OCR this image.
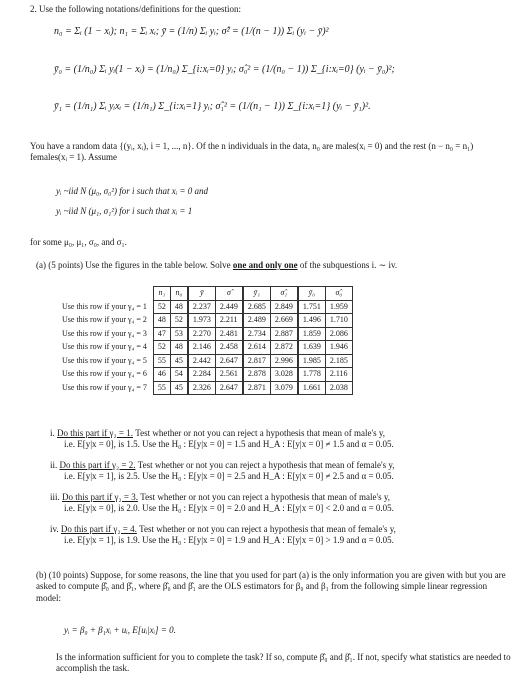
2. Use the following notations/definitions for the question:
n₀ = Σᵢ (1 − xᵢ); n₁ = Σᵢ xᵢ; ȳ = (1/n) Σᵢ yᵢ; σ̂² = (1/(n − 1)) Σᵢ (yᵢ − ȳ)²
ȳ₀ = (1/n₀) Σᵢ yᵢ(1 − xᵢ) = (1/n₀) Σ_{i:xᵢ=0} yᵢ; σ̂₀² = (1/(n₀ − 1)) Σ_{i:xᵢ=0} (yᵢ − ȳ₀)²;
ȳ₁ = (1/n₁) Σᵢ yᵢxᵢ = (1/n₁) Σ_{i:xᵢ=1} yᵢ; σ̂₁² = (1/(n₁ − 1)) Σ_{i:xᵢ=1} (yᵢ − ȳ₁)².
You have a random data {(yᵢ, xᵢ), i = 1, ..., n}. Of the n individuals in the data, n₀ are males(xᵢ = 0) and the rest (n − n₀ = n₁) females(xᵢ = 1). Assume
yᵢ ~iid N (μ₀, σ₀²) for i such that xᵢ = 0 and
yᵢ ~iid N (μ₁, σ₁²) for i such that xᵢ = 1
for some μ₀, μ₁, σ₀, and σ₁.
(a) (5 points) Use the figures in the table below. Solve one and only one of the subquestions i. ∼ iv.
	n₁	n₀	ȳ	σ̂	ȳ₁	σ̂₁	ȳ₀	σ̂₀
Use this row if your γ₄ = 1	52	48	2.237	2.449	2.685	2.849	1.751	1.959
Use this row if your γ₄ = 2	48	52	1.973	2.211	2.489	2.669	1.496	1.710
Use this row if your γ₄ = 3	47	53	2.270	2.481	2.734	2.887	1.859	2.086
Use this row if your γ₄ = 4	52	48	2.146	2.458	2.614	2.872	1.639	1.946
Use this row if your γ₄ = 5	55	45	2.442	2.647	2.817	2.996	1.985	2.185
Use this row if your γ₄ = 6	46	54	2.284	2.561	2.878	3.028	1.778	2.116
Use this row if your γ₄ = 7	55	45	2.326	2.647	2.871	3.079	1.661	2.038
i. Do this part if γ₂ = 1. Test whether or not you can reject a hypothesis that mean of male's y,
i.e. E[y|x = 0], is 1.5. Use the H₀ : E[y|x = 0] = 1.5 and H_A : E[y|x = 0] ≠ 1.5 and α = 0.05.
ii. Do this part if γ₂ = 2. Test whether or not you can reject a hypothesis that mean of female's y,
i.e. E[y|x = 1], is 2.5. Use the H₀ : E[y|x = 0] = 2.5 and H_A : E[y|x = 0] ≠ 2.5 and α = 0.05.
iii. Do this part if γ₂ = 3. Test whether or not you can reject a hypothesis that mean of male's y,
i.e. E[y|x = 0], is 2.0. Use the H₀ : E[y|x = 0] = 2.0 and H_A : E[y|x = 0] < 2.0 and α = 0.05.
iv. Do this part if γ₂ = 4. Test whether or not you can reject a hypothesis that mean of female's y,
i.e. E[y|x = 1], is 1.9. Use the H₀ : E[y|x = 0] = 1.9 and H_A : E[y|x = 0] > 1.9 and α = 0.05.
(b) (10 points) Suppose, for some reasons, the line that you used for part (a) is the only information you are given with but you are asked to compute β̂₀ and β̂₁, where β̂₀ and β̂₁ are the OLS estimators for β₀ and β₁ from the following simple linear regression model:
yᵢ = β₀ + β₁xᵢ + uᵢ, E[uᵢ|xᵢ] = 0.
Is the information sufficient for you to complete the task? If so, compute β̂₀ and β̂₁. If not, specify what statistics are needed to accomplish the task.
